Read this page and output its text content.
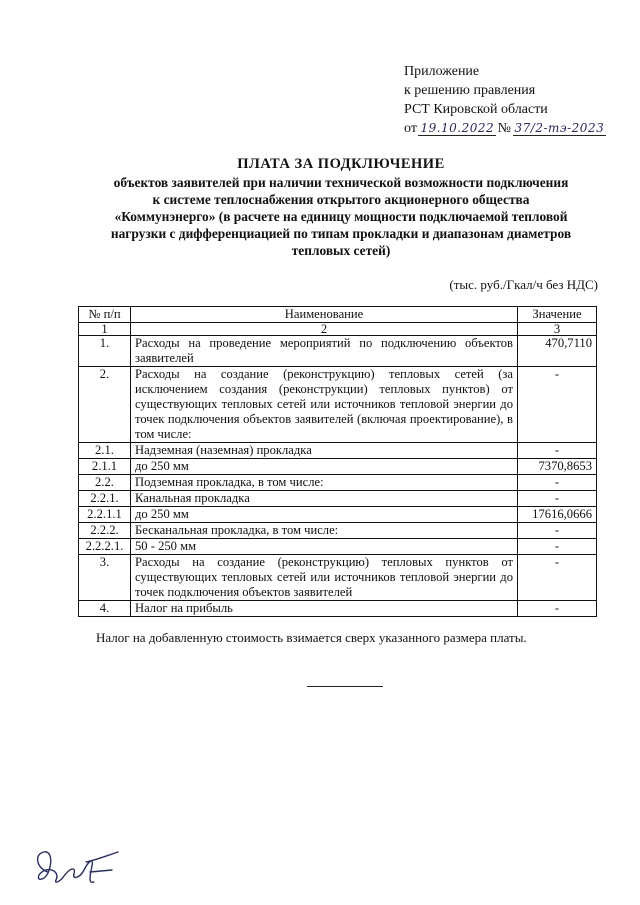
Приложение
к решению правления
РСТ Кировской области
от 19.10.2022 № 37/2-тэ-2023
ПЛАТА ЗА ПОДКЛЮЧЕНИЕ
объектов заявителей при наличии технической возможности подключения к системе теплоснабжения открытого акционерного общества «Коммунэнерго» (в расчете на единицу мощности подключаемой тепловой нагрузки с дифференциацией по типам прокладки и диапазонам диаметров тепловых сетей)
(тыс. руб./Гкал/ч без НДС)
№ п/п	Наименование	Значение
1	2	3
1.	Расходы на проведение мероприятий по подключению объектов заявителей	470,7110
2.	Расходы на создание (реконструкцию) тепловых сетей (за исключением создания (реконструкции) тепловых пунктов) от существующих тепловых сетей или источников тепловой энергии до точек подключения объектов заявителей (включая проектирование), в том числе:	-
2.1.	Надземная (наземная) прокладка	-
2.1.1	до 250 мм	7370,8653
2.2.	Подземная прокладка, в том числе:	-
2.2.1.	Канальная прокладка	-
2.2.1.1	до 250 мм	17616,0666
2.2.2.	Бесканальная прокладка, в том числе:	-
2.2.2.1.	50 - 250 мм	-
3.	Расходы на создание (реконструкцию) тепловых пунктов от существующих тепловых сетей или источников тепловой энергии до точек подключения объектов заявителей	-
4.	Налог на прибыль	-
Налог на добавленную стоимость взимается сверх указанного размера платы.
